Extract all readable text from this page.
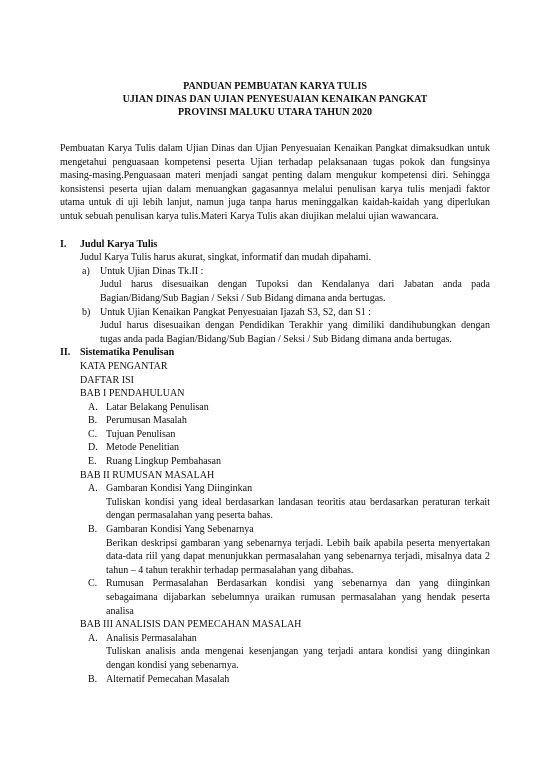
PANDUAN PEMBUATAN KARYA TULIS
UJIAN DINAS DAN UJIAN PENYESUAIAN KENAIKAN PANGKAT
PROVINSI MALUKU UTARA TAHUN 2020
Pembuatan Karya Tulis dalam Ujian Dinas dan Ujian Penyesuaian Kenaikan Pangkat dimaksudkan untuk mengetahui penguasaan kompetensi peserta Ujian terhadap pelaksanaan tugas pokok dan fungsinya masing-masing.Penguasaan materi menjadi sangat penting dalam mengukur kompetensi diri. Sehingga konsistensi peserta ujian dalam menuangkan gagasannya melalui penulisan karya tulis menjadi faktor utama untuk di uji lebih lanjut, namun juga tanpa harus meninggalkan kaidah-kaidah yang diperlukan untuk sebuah penulisan karya tulis.Materi Karya Tulis akan diujikan melalui ujian wawancara.
I. Judul Karya Tulis
Judul Karya Tulis harus akurat, singkat, informatif dan mudah dipahami.
a) Untuk Ujian Dinas Tk.II :
Judul harus disesuaikan dengan Tupoksi dan Kendalanya dari Jabatan anda pada Bagian/Bidang/Sub Bagian / Seksi / Sub Bidang dimana anda bertugas.
b) Untuk Ujian Kenaikan Pangkat Penyesuaian Ijazah S3, S2, dan S1 :
Judul harus disesuaikan dengan Pendidikan Terakhir yang dimiliki dandihubungkan dengan tugas anda pada Bagian/Bidang/Sub Bagian / Seksi / Sub Bidang dimana anda bertugas.
II. Sistematika Penulisan
KATA PENGANTAR
DAFTAR ISI
BAB I PENDAHULUAN
A. Latar Belakang Penulisan
B. Perumusan Masalah
C. Tujuan Penulisan
D. Metode Penelitian
E. Ruang Lingkup Pembahasan
BAB II RUMUSAN MASALAH
A. Gambaran Kondisi Yang Diinginkan
Tuliskan kondisi yang ideal berdasarkan landasan teoritis atau berdasarkan peraturan terkait dengan permasalahan yang peserta bahas.
B. Gambaran Kondisi Yang Sebenarnya
Berikan deskripsi gambaran yang sebenarnya terjadi. Lebih baik apabila peserta menyertakan data-data riil yang dapat menunjukkan permasalahan yang sebenarnya terjadi, misalnya data 2 tahun – 4 tahun terakhir terhadap permasalahan yang dibahas.
C. Rumusan Permasalahan Berdasarkan kondisi yang sebenarnya dan yang diinginkan sebagaimana dijabarkan sebelumnya uraikan rumusan permasalahan yang hendak peserta analisa
BAB III ANALISIS DAN PEMECAHAN MASALAH
A. Analisis Permasalahan
Tuliskan analisis anda mengenai kesenjangan yang terjadi antara kondisi yang diinginkan dengan kondisi yang sebenarnya.
B. Alternatif Pemecahan Masalah
